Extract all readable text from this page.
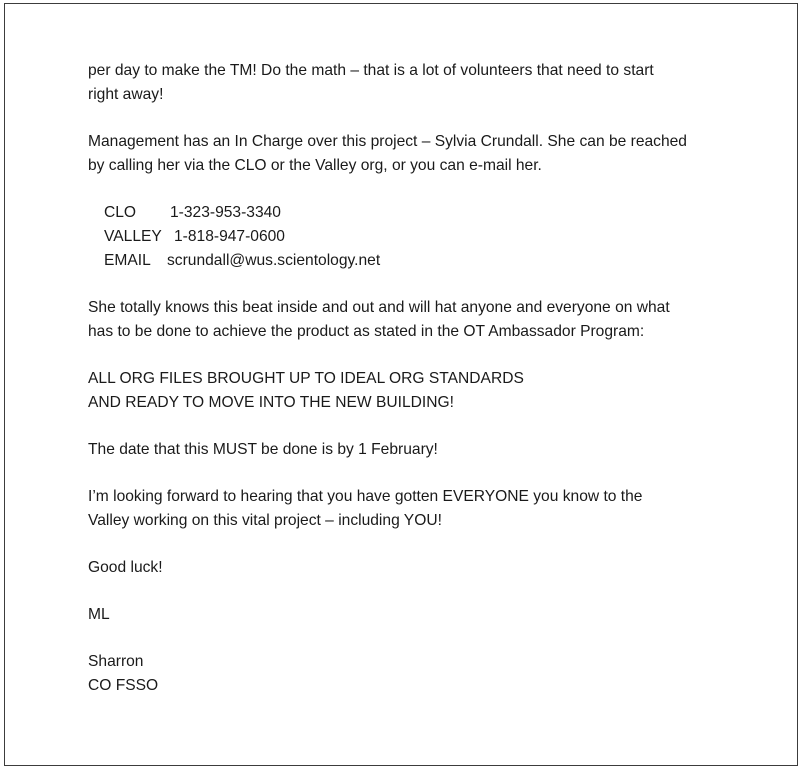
per day to make the TM! Do the math – that is a lot of volunteers that need to start
right away!

Management has an In Charge over this project – Sylvia Crundall. She can be reached
by calling her via the CLO or the Valley org, or you can e-mail her.

CLO	1-323-953-3340
VALLEY 1-818-947-0600
EMAIL	scrundall@wus.scientology.net

She totally knows this beat inside and out and will hat anyone and everyone on what
has to be done to achieve the product as stated in the OT Ambassador Program:

ALL ORG FILES BROUGHT UP TO IDEAL ORG STANDARDS
AND READY TO MOVE INTO THE NEW BUILDING!

The date that this MUST be done is by 1 February!

I’m looking forward to hearing that you have gotten EVERYONE you know to the
Valley working on this vital project – including YOU!

Good luck!

ML

Sharron
CO FSSO
